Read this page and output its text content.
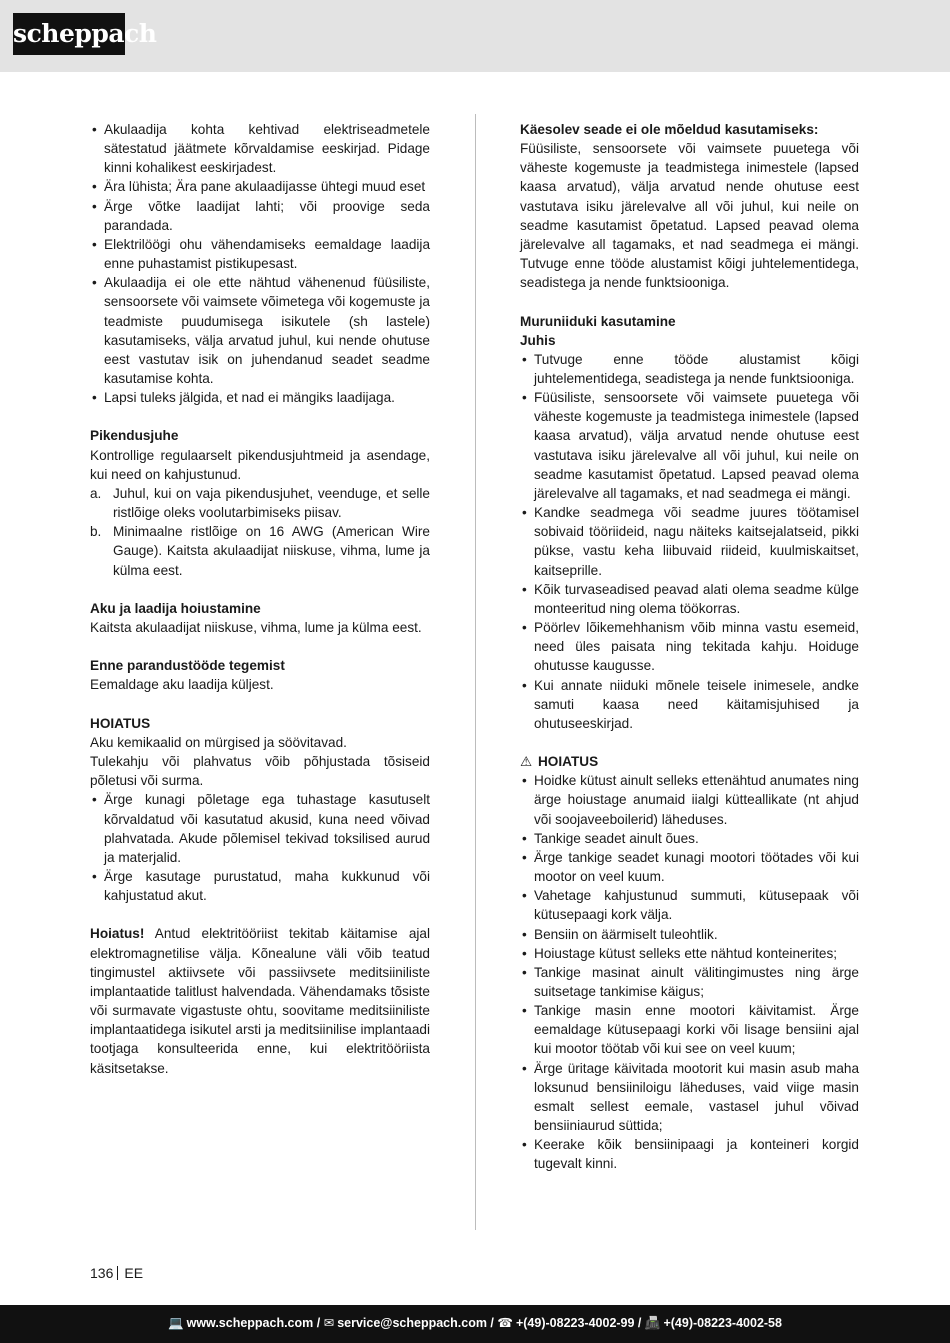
scheppach
• Akulaadija kohta kehtivad elektriseadmetele sätestatud jäätmete kõrvaldamise eeskirjad. Pidage kinni kohalikest eeskirjadest.
• Ära lühista; Ära pane akulaadijasse ühtegi muud eset
• Ärge võtke laadijat lahti; või proovige seda parandada.
• Elektrilöögi ohu vähendamiseks eemaldage laadija enne puhastamist pistikupesast.
• Akulaadija ei ole ette nähtud vähenenud füüsiliste, sensoorsete või vaimsete võimetega või kogemuste ja teadmiste puudumisega isikutele (sh lastele) kasutamiseks, välja arvatud juhul, kui nende ohutuse eest vastutav isik on juhendanud seadet seadme kasutamise kohta.
• Lapsi tuleks jälgida, et nad ei mängiks laadijaga.

Pikendusjuhe

Kontrollige regulaarselt pikendusjuhtmeid ja asendage, kui need on kahjustunud.

a. Juhul, kui on vaja pikendusjuhet, veenduge, et selle ristlõige oleks voolutarbimiseks piisav.
b. Minimaalne ristlõige on 16 AWG (American Wire Gauge). Kaitsta akulaadijat niiskuse, vihma, lume ja külma eest.

Aku ja laadija hoiustamine

Kaitsta akulaadijat niiskuse, vihma, lume ja külma eest.

Enne parandustööde tegemist

Eemaldage aku laadija küljest.

HOIATUS

Aku kemikaalid on mürgised ja söövitavad.

Tulekahju või plahvatus võib põhjustada tõsiseid põletusi või surma.

• Ärge kunagi põletage ega tuhastage kasutuselt kõrvaldatud või kasutatud akusid, kuna need võivad plahvatada. Akude põlemisel tekivad toksilised aurud ja materjalid.
• Ärge kasutage purustatud, maha kukkunud või kahjustatud akut.

Hoiatus! Antud elektritööriist tekitab käitamise ajal elektromagnetilise välja. Kõnealune väli võib teatud tingimustel aktiivsete või passiivsete meditsiiniliste implantaatide talitlust halvendada. Vähendamaks tõsiste või surmavate vigastuste ohtu, soovitame meditsiiniliste implantaatidega isikutel arsti ja meditsiinilise implantaadi tootjaga konsulteerida enne, kui elektritööriista käsitsetakse.

Käesolev seade ei ole mõeldud kasutamiseks:

Füüsiliste, sensoorsete või vaimsete puuetega või väheste kogemuste ja teadmistega inimestele (lapsed kaasa arvatud), välja arvatud nende ohutuse eest vastutava isiku järelevalve all või juhul, kui neile on seadme kasutamist õpetatud. Lapsed peavad olema järelevalve all tagamaks, et nad seadmega ei mängi. Tutvuge enne tööde alustamist kõigi juhtelementidega, seadistega ja nende funktsiooniga.

Muruniiduki kasutamine

Juhis

• Tutvuge enne tööde alustamist kõigi juhtelementidega, seadistega ja nende funktsiooniga.
• Füüsiliste, sensoorsete või vaimsete puuetega või väheste kogemuste ja teadmistega inimestele (lapsed kaasa arvatud), välja arvatud nende ohutuse eest vastutava isiku järelevalve all või juhul, kui neile on seadme kasutamist õpetatud. Lapsed peavad olema järelevalve all tagamaks, et nad seadmega ei mängi.
• Kandke seadmega või seadme juures töötamisel sobivaid tööriideid, nagu näiteks kaitsejalatseid, pikki pükse, vastu keha liibuvaid riideid, kuulmiskaitset, kaitseprille.
• Kõik turvaseadised peavad alati olema seadme külge monteeritud ning olema töökorras.
• Pöörlev lõikemehhanism võib minna vastu esemeid, need üles paisata ning tekitada kahju. Hoiduge ohutusse kaugusse.
• Kui annate niiduki mõnele teisele inimesele, andke samuti kaasa need käitamisjuhised ja ohutuseeskirjad.

⚠ HOIATUS

• Hoidke kütust ainult selleks ettenähtud anumates ning ärge hoiustage anumaid iialgi kütteallikate (nt ahjud või soojaveeboilerid) läheduses.
• Tankige seadet ainult õues.
• Ärge tankige seadet kunagi mootori töötades või kui mootor on veel kuum.
• Vahetage kahjustunud summuti, kütusepaak või kütusepaagi kork välja.
• Bensiin on äärmiselt tuleohtlik.
• Hoiustage kütust selleks ette nähtud konteinerites;
• Tankige masinat ainult välitingimustes ning ärge suitsetage tankimise käigus;
• Tankige masin enne mootori käivitamist. Ärge eemaldage kütusepaagi korki või lisage bensiini ajal kui mootor töötab või kui see on veel kuum;
• Ärge üritage käivitada mootorit kui masin asub maha loksunud bensiiniloigu läheduses, vaid viige masin esmalt sellest eemale, vastasel juhul võivad bensiiniaurud süttida;
• Keerake kõik bensiinipaagi ja konteineri korgid tugevalt kinni.
136 EE
💻 www.scheppach.com / ✉ service@scheppach.com / ☎ +(49)-08223-4002-99 / 📠 +(49)-08223-4002-58
